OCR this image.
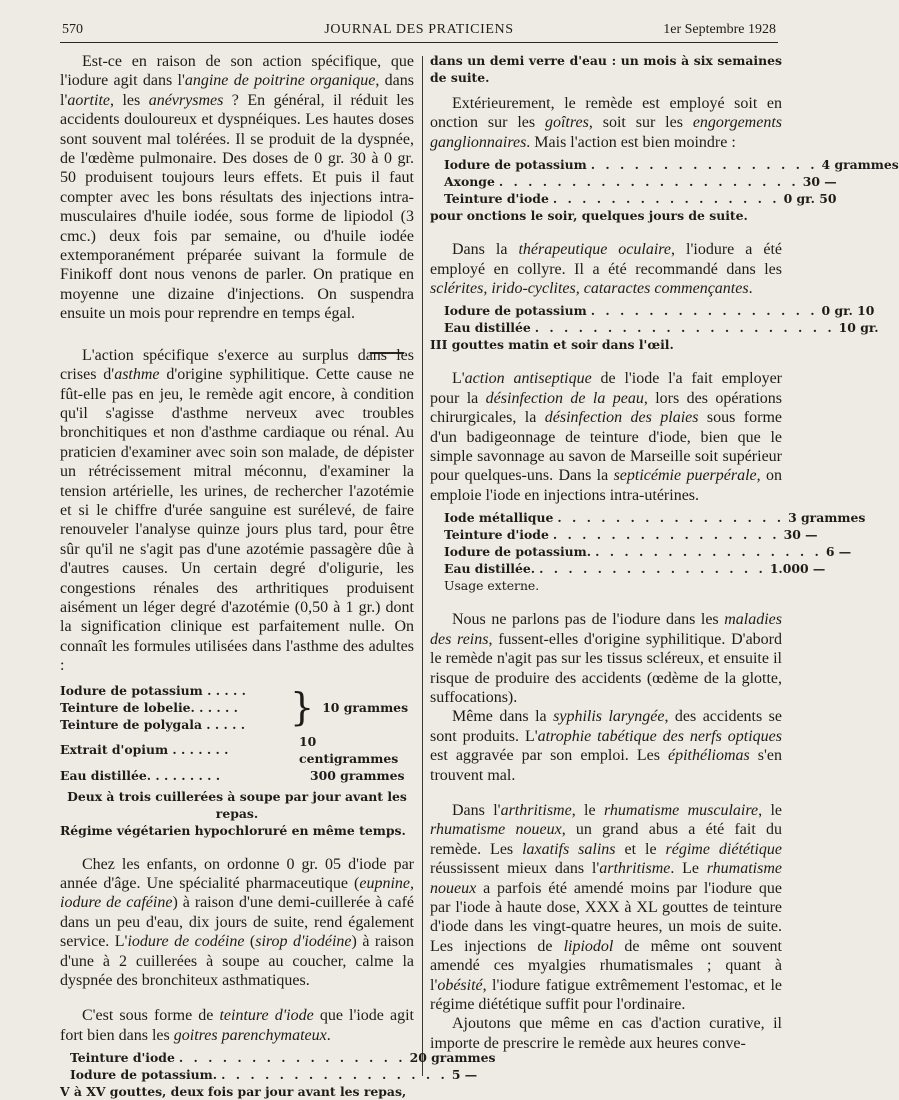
570	JOURNAL DES PRATICIENS	1er Septembre 1928

Est-ce en raison de son action spécifique, que l'iodure agit dans l'angine de poitrine organique, dans l'aortite, les anévrysmes ? En général, il réduit les accidents douloureux et dyspnéiques. Les hautes doses sont souvent mal tolérées. Il se produit de la dyspnée, de l'œdème pulmonaire. Des doses de 0 gr. 30 à 0 gr. 50 produisent toujours leurs effets. Et puis il faut compter avec les bons résultats des injections intra-musculaires d'huile iodée, sous forme de lipiodol (3 cmc.) deux fois par semaine, ou d'huile iodée extemporanément préparée suivant la formule de Finikoff dont nous venons de parler. On pratique en moyenne une dizaine d'injections. On suspendra ensuite un mois pour reprendre en temps égal.

L'action spécifique s'exerce au surplus dans les crises d'asthme d'origine syphilitique. Cette cause ne fût-elle pas en jeu, le remède agit encore, à condition qu'il s'agisse d'asthme nerveux avec troubles bronchitiques et non d'asthme cardiaque ou rénal. Au praticien d'examiner avec soin son malade, de dépister un rétrécissement mitral méconnu, d'examiner la tension artérielle, les urines, de rechercher l'azotémie et si le chiffre d'urée sanguine est surélevé, de faire renouveler l'analyse quinze jours plus tard, pour être sûr qu'il ne s'agit pas d'une azotémie passagère dûe à d'autres causes. Un certain degré d'oligurie, les congestions rénales des arthritiques produisent aisément un léger degré d'azotémie (0,50 à 1 gr.) dont la signification clinique est parfaitement nulle. On connaît les formules utilisées dans l'asthme des adultes :

Iodure de potassium . . . . .
Teinture de lobelie. . . . . .
Teinture de polygala . . . . .	} 10 grammes
Extrait d'opium . . . . . . .
10 centigrammes
Eau distillée. . . . . . . . .	300 grammes
Deux à trois cuillerées à soupe par jour avant les repas.
Régime végétarien hypochloruré en même temps.

Chez les enfants, on ordonne 0 gr. 05 d'iode par année d'âge. Une spécialité pharmaceutique (eupnine, iodure de caféine) à raison d'une demi-cuillerée à café dans un peu d'eau, dix jours de suite, rend également service. L'iodure de codéine (sirop d'iodéine) à raison d'une à 2 cuillerées à soupe au coucher, calme la dyspnée des bronchiteux asthmatiques.

C'est sous forme de teinture d'iode que l'iode agit fort bien dans les goitres parenchymateux.

Teinture d'iode . . . . . . . . . . . . . . . . 20 grammes
Iodure de potassium. . . . . . . . . . . . . . . . . 5 —
V à XV gouttes, deux fois par jour avant les repas,
dans un demi verre d'eau : un mois à six semaines de suite.

Extérieurement, le remède est employé soit en onction sur les goîtres, soit sur les engorgements ganglionnaires. Mais l'action est bien moindre :

Iodure de potassium . . . . . . . . . . . . . . . . 4 grammes
Axonge . . . . . . . . . . . . . . . . . . . . . 30 —
Teinture d'iode . . . . . . . . . . . . . . . . 0 gr. 50
pour onctions le soir, quelques jours de suite.

Dans la thérapeutique oculaire, l'iodure a été employé en collyre. Il a été recommandé dans les sclérites, irido-cyclites, cataractes commençantes.

Iodure de potassium . . . . . . . . . . . . . . . . 0 gr. 10
Eau distillée . . . . . . . . . . . . . . . . . . . . . 10 gr.
III gouttes matin et soir dans l'œil.

L'action antiseptique de l'iode l'a fait employer pour la désinfection de la peau, lors des opérations chirurgicales, la désinfection des plaies sous forme d'un badigeonnage de teinture d'iode, bien que le simple savonnage au savon de Marseille soit supérieur pour quelques-uns. Dans la septicémie puerpérale, on emploie l'iode en injections intra-utérines.

Iode métallique . . . . . . . . . . . . . . . . 3 grammes
Teinture d'iode . . . . . . . . . . . . . . . . 30 —
Iodure de potassium. . . . . . . . . . . . . . . . . 6 —
Eau distillée. . . . . . . . . . . . . . . . . 1.000 —
Usage externe.

Nous ne parlons pas de l'iodure dans les maladies des reins, fussent-elles d'origine syphilitique. D'abord le remède n'agit pas sur les tissus scléreux, et ensuite il risque de produire des accidents (œdème de la glotte, suffocations).

Même dans la syphilis laryngée, des accidents se sont produits. L'atrophie tabétique des nerfs optiques est aggravée par son emploi. Les épithéliomas s'en trouvent mal.

Dans l'arthritisme, le rhumatisme musculaire, le rhumatisme noueux, un grand abus a été fait du remède. Les laxatifs salins et le régime diététique réussissent mieux dans l'arthritisme. Le rhumatisme noueux a parfois été amendé moins par l'iodure que par l'iode à haute dose, XXX à XL gouttes de teinture d'iode dans les vingt-quatre heures, un mois de suite. Les injections de lipiodol de même ont souvent amendé ces myalgies rhumatismales ; quant à l'obésité, l'iodure fatigue extrêmement l'estomac, et le régime diététique suffit pour l'ordinaire.

Ajoutons que même en cas d'action curative, il importe de prescrire le remède aux heures conve-
